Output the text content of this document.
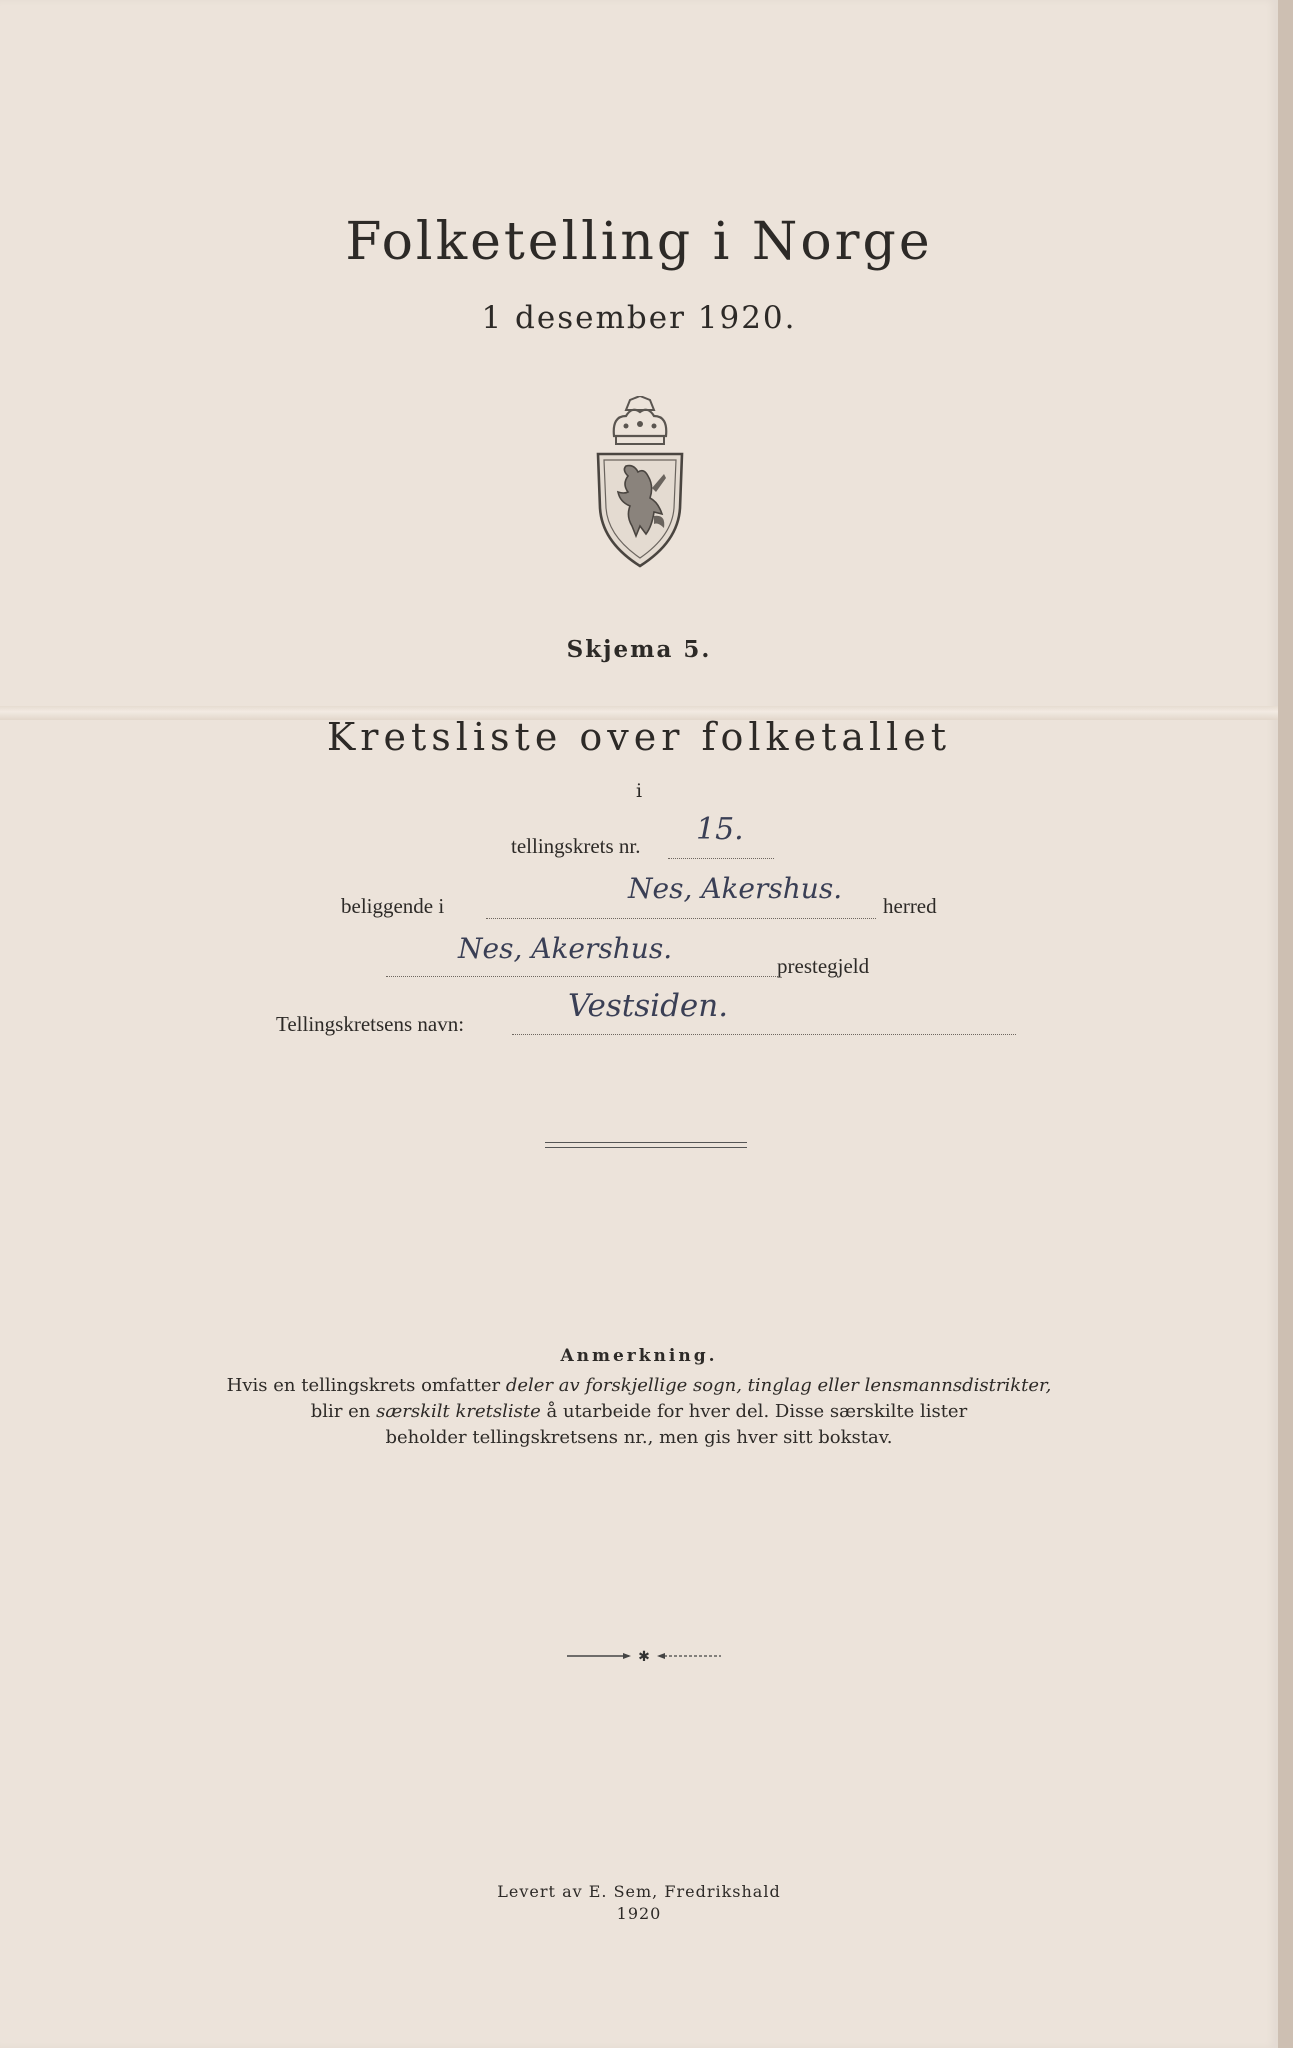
Folketelling i Norge
1 desember 1920.
Skjema 5.
Kretsliste over folketallet
i
tellingskrets nr. 15.
beliggende i
Nes, Akershus.
herred
Nes, Akershus.
prestegjeld
Tellingskretsens navn:	Vestsiden.
Anmerkning.
Hvis en tellingskrets omfatter deler av forskjellige sogn, tinglag eller lensmannsdistrikter,
blir en særskilt kretsliste å utarbeide for hver del. Disse særskilte lister
beholder tellingskretsens nr., men gis hver sitt bokstav.
✱
Levert av E. Sem, Fredrikshald
1920
